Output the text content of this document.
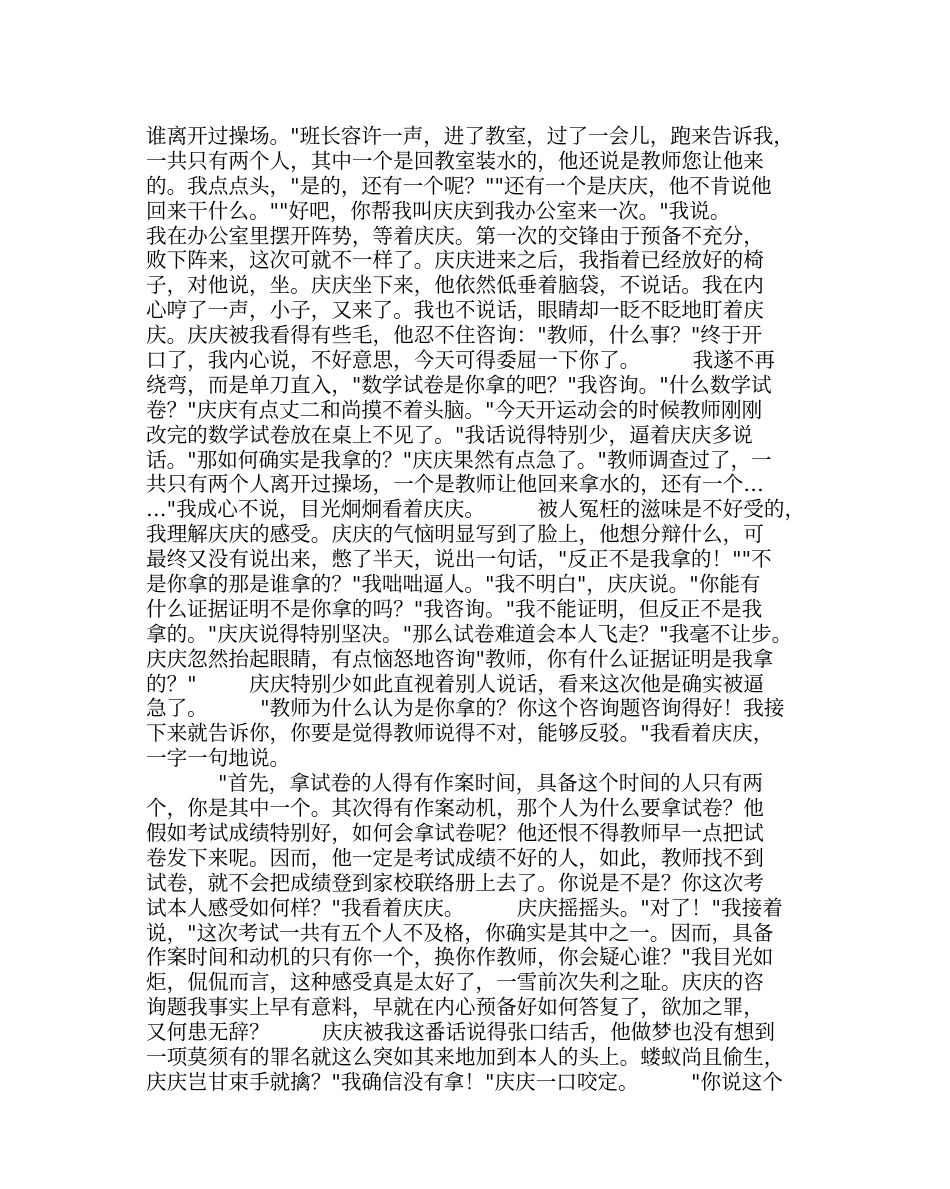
谁离开过操场。"班长容许一声，进了教室，过了一会儿，跑来告诉我，
一共只有两个人，其中一个是回教室装水的，他还说是教师您让他来
的。我点点头，"是的，还有一个呢？""还有一个是庆庆，他不肯说他
回来干什么。""好吧，你帮我叫庆庆到我办公室来一次。"我说。
我在办公室里摆开阵势，等着庆庆。第一次的交锋由于预备不充分，
败下阵来，这次可就不一样了。庆庆进来之后，我指着已经放好的椅
子，对他说，坐。庆庆坐下来，他依然低垂着脑袋，不说话。我在内
心哼了一声，小子，又来了。我也不说话，眼睛却一眨不眨地盯着庆
庆。庆庆被我看得有些毛，他忍不住咨询："教师，什么事？"终于开
口了，我内心说，不好意思，今天可得委屈一下你了。        我遂不再
绕弯，而是单刀直入，"数学试卷是你拿的吧？"我咨询。"什么数学试
卷？"庆庆有点丈二和尚摸不着头脑。"今天开运动会的时候教师刚刚
改完的数学试卷放在桌上不见了。"我话说得特别少，逼着庆庆多说
话。"那如何确实是我拿的？"庆庆果然有点急了。"教师调查过了，一
共只有两个人离开过操场，一个是教师让他回来拿水的，还有一个…
…"我成心不说，目光炯炯看着庆庆。        被人冤枉的滋味是不好受的，
我理解庆庆的感受。庆庆的气恼明显写到了脸上，他想分辩什么，可
最终又没有说出来，憋了半天，说出一句话，"反正不是我拿的！""不
是你拿的那是谁拿的？"我咄咄逼人。"我不明白"，庆庆说。"你能有
什么证据证明不是你拿的吗？"我咨询。"我不能证明，但反正不是我
拿的。"庆庆说得特别坚决。"那么试卷难道会本人飞走？"我毫不让步。
庆庆忽然抬起眼睛，有点恼怒地咨询"教师，你有什么证据证明是我拿
的？"        庆庆特别少如此直视着别人说话，看来这次他是确实被逼
急了。        "教师为什么认为是你拿的？你这个咨询题咨询得好！我接
下来就告诉你，你要是觉得教师说得不对，能够反驳。"我看着庆庆，
一字一句地说。
"首先，拿试卷的人得有作案时间，具备这个时间的人只有两
个，你是其中一个。其次得有作案动机，那个人为什么要拿试卷？他
假如考试成绩特别好，如何会拿试卷呢？他还恨不得教师早一点把试
卷发下来呢。因而，他一定是考试成绩不好的人，如此，教师找不到
试卷，就不会把成绩登到家校联络册上去了。你说是不是？你这次考
试本人感受如何样？"我看着庆庆。        庆庆摇摇头。"对了！"我接着
说，"这次考试一共有五个人不及格，你确实是其中之一。因而，具备
作案时间和动机的只有你一个，换你作教师，你会疑心谁？"我目光如
炬，侃侃而言，这种感受真是太好了，一雪前次失利之耻。庆庆的咨
询题我事实上早有意料，早就在内心预备好如何答复了，欲加之罪，
又何患无辞？        庆庆被我这番话说得张口结舌，他做梦也没有想到
一项莫须有的罪名就这么突如其来地加到本人的头上。蝼蚁尚且偷生，
庆庆岂甘束手就擒？"我确信没有拿！"庆庆一口咬定。        "你说这个
